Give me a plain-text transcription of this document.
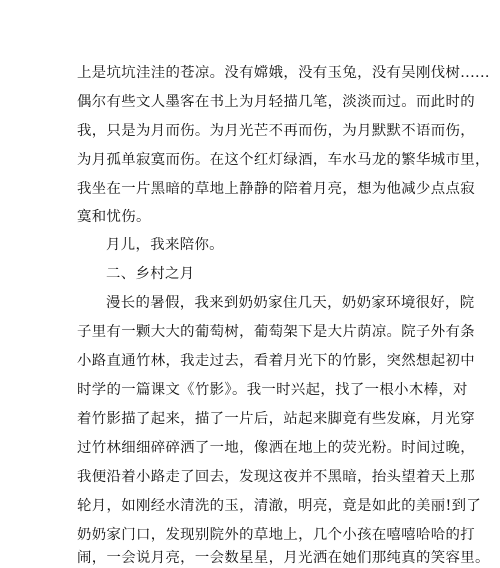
上是坑坑洼洼的苍凉。没有嫦娥，没有玉兔，没有吴刚伐树......
偶尔有些文人墨客在书上为月轻描几笔，淡淡而过。而此时的
我，只是为月而伤。为月光芒不再而伤，为月默默不语而伤，
为月孤单寂寞而伤。在这个红灯绿酒，车水马龙的繁华城市里，
我坐在一片黑暗的草地上静静的陪着月亮，想为他减少点点寂
寞和忧伤。
月儿，我来陪你。
二、乡村之月
漫长的暑假，我来到奶奶家住几天，奶奶家环境很好，院
子里有一颗大大的葡萄树，葡萄架下是大片荫凉。院子外有条
小路直通竹林，我走过去，看着月光下的竹影，突然想起初中
时学的一篇课文《竹影》。我一时兴起，找了一根小木棒，对
着竹影描了起来，描了一片后，站起来脚竟有些发麻，月光穿
过竹林细细碎碎洒了一地，像洒在地上的荧光粉。时间过晚，
我便沿着小路走了回去，发现这夜并不黑暗，抬头望着天上那
轮月，如刚经水清洗的玉，清澈，明亮，竟是如此的美丽!到了
奶奶家门口，发现别院外的草地上，几个小孩在嘻嘻哈哈的打
闹，一会说月亮，一会数星星，月光洒在她们那纯真的笑容里。
